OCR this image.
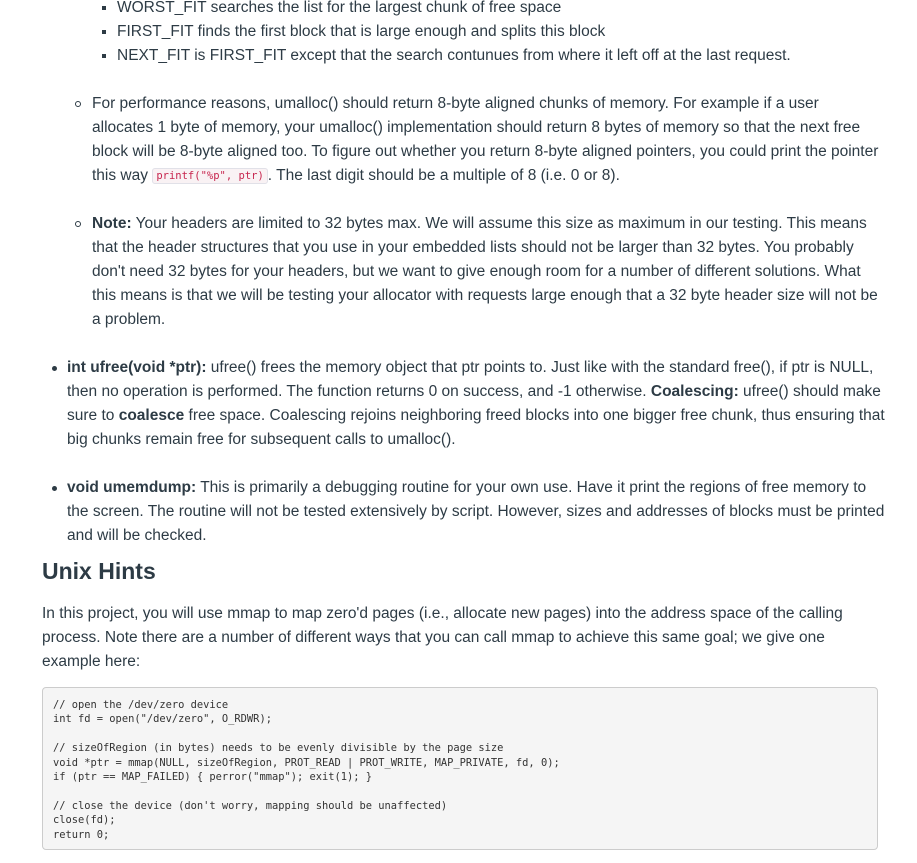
WORST_FIT searches the list for the largest chunk of free space
FIRST_FIT finds the first block that is large enough and splits this block
NEXT_FIT is FIRST_FIT except that the search contunues from where it left off at the last request.

For performance reasons, umalloc() should return 8-byte aligned chunks of memory. For example if a user allocates 1 byte of memory, your umalloc() implementation should return 8 bytes of memory so that the next free block will be 8-byte aligned too. To figure out whether you return 8-byte aligned pointers, you could print the pointer this way printf("%p", ptr) . The last digit should be a multiple of 8 (i.e. 0 or 8).

Note: Your headers are limited to 32 bytes max. We will assume this size as maximum in our testing. This means that the header structures that you use in your embedded lists should not be larger than 32 bytes. You probably don't need 32 bytes for your headers, but we want to give enough room for a number of different solutions. What this means is that we will be testing your allocator with requests large enough that a 32 byte header size will not be a problem.

int ufree(void *ptr): ufree() frees the memory object that ptr points to. Just like with the standard free(), if ptr is NULL, then no operation is performed. The function returns 0 on success, and -1 otherwise. Coalescing: ufree() should make sure to coalesce free space. Coalescing rejoins neighboring freed blocks into one bigger free chunk, thus ensuring that big chunks remain free for subsequent calls to umalloc().

void umemdump: This is primarily a debugging routine for your own use. Have it print the regions of free memory to the screen. The routine will not be tested extensively by script. However, sizes and addresses of blocks must be printed and will be checked.

Unix Hints

In this project, you will use mmap to map zero'd pages (i.e., allocate new pages) into the address space of the calling process. Note there are a number of different ways that you can call mmap to achieve this same goal; we give one example here:

// open the /dev/zero device
int fd = open("/dev/zero", O_RDWR);

// sizeOfRegion (in bytes) needs to be evenly divisible by the page size
void *ptr = mmap(NULL, sizeOfRegion, PROT_READ | PROT_WRITE, MAP_PRIVATE, fd, 0);
if (ptr == MAP_FAILED) { perror("mmap"); exit(1); }

// close the device (don't worry, mapping should be unaffected)
close(fd);
return 0;
